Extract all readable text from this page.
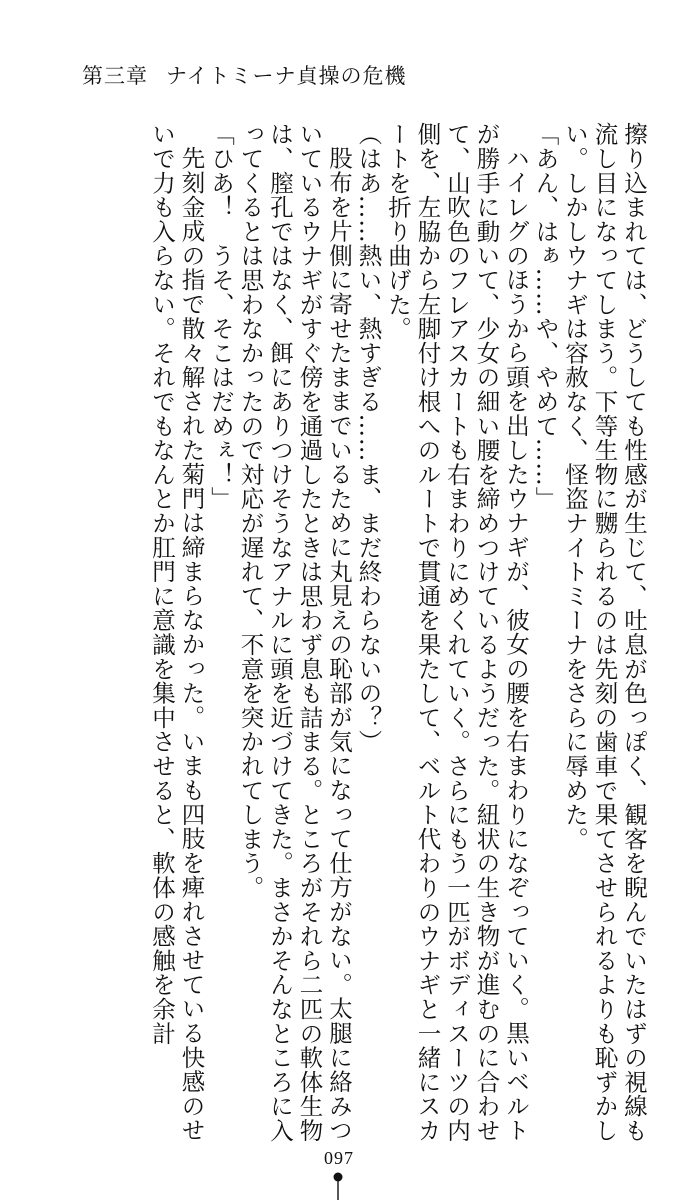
第三章 ナイトミーナ貞操の危機

擦り込まれては、どうしても性感が生じて、吐息が色っぽく、観客を睨んでいたはずの視線も流し目になってしまう。下等生物に嬲られるのは先刻の歯車で果てさせられるよりも恥ずかしい。しかしウナギは容赦なく、怪盗ナイトミーナをさらに辱めた。

「あん、はぁ……や、やめて……」

ハイレグのほうから頭を出したウナギが、彼女の腰を右まわりになぞっていく。黒いベルトが勝手に動いて、少女の細い腰を締めつけているようだった。紐状の生き物が進むのに合わせて、山吹色のフレアスカートも右まわりにめくれていく。さらにもう一匹がボディスーツの内側を、左脇から左脚付け根へのルートで貫通を果たして、ベルト代わりのウナギと一緒にスカートを折り曲げた。

（はあ……熱い、熱すぎる……ま、まだ終わらないの？）

股布を片側に寄せたままでいるために丸見えの恥部が気になって仕方がない。太腿に絡みついているウナギがすぐ傍を通過したときは思わず息も詰まる。ところがそれら二匹の軟体生物は、膣孔ではなく、餌にありつけそうなアナルに頭を近づけてきた。まさかそんなところに入ってくるとは思わなかったので対応が遅れて、不意を突かれてしまう。

「ひあ！　うそ、そこはだめぇ！」

先刻金成の指で散々解された菊門は締まらなかった。いまも四肢を痺れさせている快感のせいで力も入らない。それでもなんとか肛門に意識を集中させると、軟体の感触を余計

097
